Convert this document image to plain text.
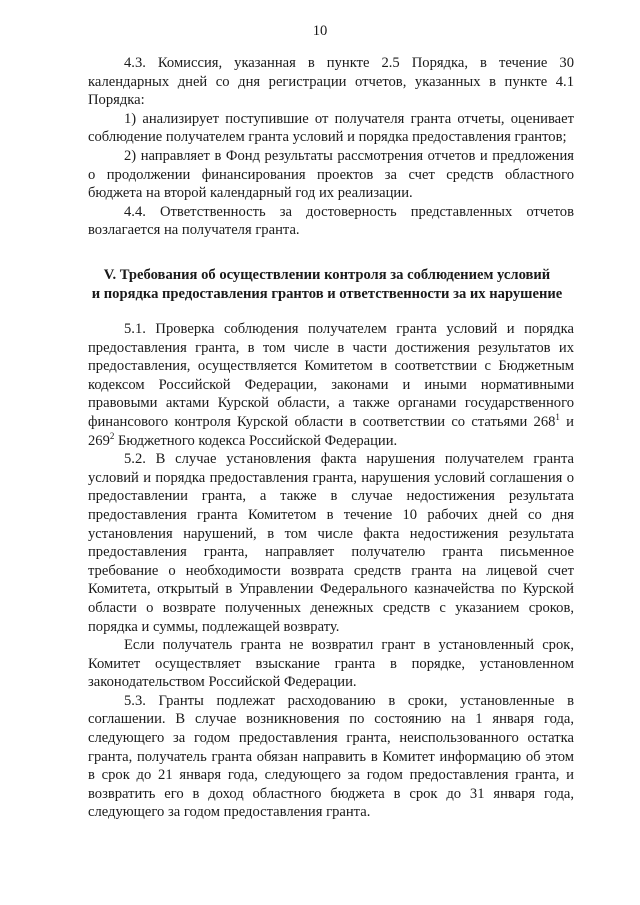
10

4.3. Комиссия, указанная в пункте 2.5 Порядка, в течение 30 календарных дней со дня регистрации отчетов, указанных в пункте 4.1 Порядка:

1) анализирует поступившие от получателя гранта отчеты, оценивает соблюдение получателем гранта условий и порядка предоставления грантов;

2) направляет в Фонд результаты рассмотрения отчетов и предложения о продолжении финансирования проектов за счет средств областного бюджета на второй календарный год их реализации.

4.4. Ответственность за достоверность представленных отчетов возлагается на получателя гранта.

V. Требования об осуществлении контроля за соблюдением условий
и порядка предоставления грантов и ответственности за их нарушение

5.1. Проверка соблюдения получателем гранта условий и порядка предоставления гранта, в том числе в части достижения результатов их предоставления, осуществляется Комитетом в соответствии с Бюджетным кодексом Российской Федерации, законами и иными нормативными правовыми актами Курской области, а также органами государственного финансового контроля Курской области в соответствии со статьями $268^1$ и $269^2$ Бюджетного кодекса Российской Федерации.

5.2. В случае установления факта нарушения получателем гранта условий и порядка предоставления гранта, нарушения условий соглашения о предоставлении гранта, а также в случае недостижения результата предоставления гранта Комитетом в течение 10 рабочих дней со дня установления нарушений, в том числе факта недостижения результата предоставления гранта, направляет получателю гранта письменное требование о необходимости возврата средств гранта на лицевой счет Комитета, открытый в Управлении Федерального казначейства по Курской области о возврате полученных денежных средств с указанием сроков, порядка и суммы, подлежащей возврату.

Если получатель гранта не возвратил грант в установленный срок, Комитет осуществляет взыскание гранта в порядке, установленном законодательством Российской Федерации.

5.3. Гранты подлежат расходованию в сроки, установленные в соглашении. В случае возникновения по состоянию на 1 января года, следующего за годом предоставления гранта, неиспользованного остатка гранта, получатель гранта обязан направить в Комитет информацию об этом в срок до 21 января года, следующего за годом предоставления гранта, и возвратить его в доход областного бюджета в срок до 31 января года, следующего за годом предоставления гранта.
